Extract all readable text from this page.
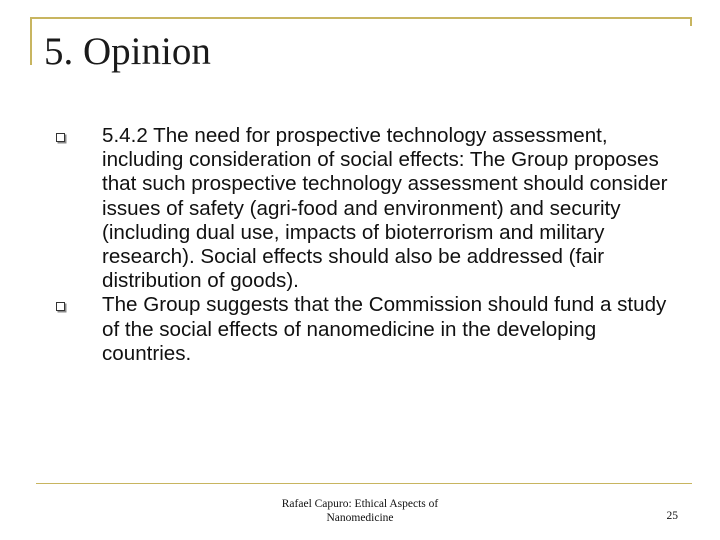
5. Opinion
5.4.2 The need for prospective technology assessment, including consideration of social effects: The Group proposes that such prospective technology assessment should consider issues of safety (agri-food and environment) and security (including dual use, impacts of bioterrorism and military research). Social effects should also be addressed (fair distribution of goods).
The Group suggests that the Commission should fund a study of the social effects of nanomedicine in the developing countries.
Rafael Capuro: Ethical Aspects of
Nanomedicine	25
